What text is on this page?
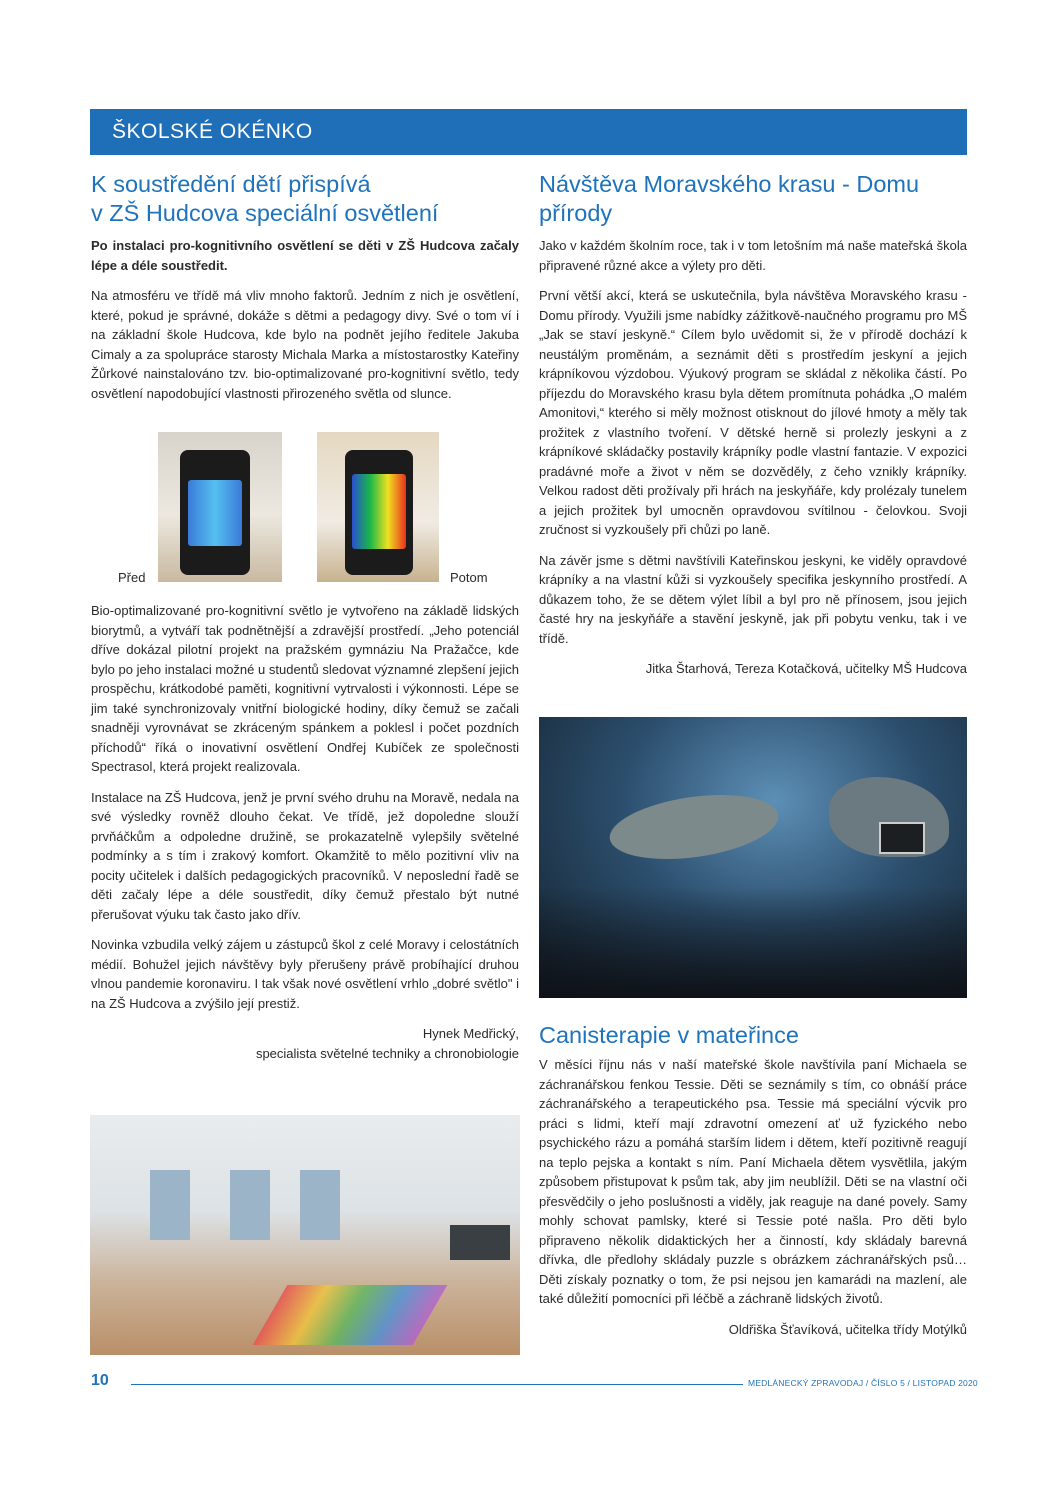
ŠKOLSKÉ OKÉNKO
K soustředění dětí přispívá
v ZŠ Hudcova speciální osvětlení

Po instalaci pro-kognitivního osvětlení se děti v ZŠ Hudcova začaly lépe a déle soustředit.

Na atmosféru ve třídě má vliv mnoho faktorů. Jedním z nich je osvětlení, které, pokud je správné, dokáže s dětmi a pedagogy divy. Své o tom ví i na základní škole Hudcova, kde bylo na podnět jejího ředitele Jakuba Cimaly a za spolupráce starosty Michala Marka a místostarostky Kateřiny Žůrkové nainstalováno tzv. bio-optimalizované pro-kognitivní světlo, tedy osvětlení napodobující vlastnosti přirozeného světla od slunce.

Před	Potom

Bio-optimalizované pro-kognitivní světlo je vytvořeno na základě lidských biorytmů, a vytváří tak podnětnější a zdravější prostředí. „Jeho potenciál dříve dokázal pilotní projekt na pražském gymnáziu Na Pražačce, kde bylo po jeho instalaci možné u studentů sledovat významné zlepšení jejich prospěchu, krátkodobé paměti, kognitivní vytrvalosti i výkonnosti. Lépe se jim také synchronizovaly vnitřní biologické hodiny, díky čemuž se začali snadněji vyrovnávat se zkráceným spánkem a poklesl i počet pozdních příchodů“ říká o inovativní osvětlení Ondřej Kubíček ze společnosti Spectrasol, která projekt realizovala.

Instalace na ZŠ Hudcova, jenž je první svého druhu na Moravě, nedala na své výsledky rovněž dlouho čekat. Ve třídě, jež dopoledne slouží prvňáčkům a odpoledne družině, se prokazatelně vylepšily světelné podmínky a s tím i zrakový komfort. Okamžitě to mělo pozitivní vliv na pocity učitelek i dalších pedagogických pracovníků. V neposlední řadě se děti začaly lépe a déle soustředit, díky čemuž přestalo být nutné přerušovat výuku tak často jako dřív.

Novinka vzbudila velký zájem u zástupců škol z celé Moravy i celostátních médií. Bohužel jejich návštěvy byly přerušeny právě probíhající druhou vlnou pandemie koronaviru. I tak však nové osvětlení vrhlo „dobré světlo" i na ZŠ Hudcova a zvýšilo její prestiž.

Hynek Medřický,

specialista světelné techniky a chronobiologie

Návštěva Moravského krasu - Domu přírody

Jako v každém školním roce, tak i v tom letošním má naše mateřská škola připravené různé akce a výlety pro děti.

První větší akcí, která se uskutečnila, byla návštěva Moravského krasu - Domu přírody. Využili jsme nabídky zážitkově-naučného programu pro MŠ „Jak se staví jeskyně.“ Cílem bylo uvědomit si, že v přírodě dochází k neustálým proměnám, a seznámit děti s prostředím jeskyní a jejich krápníkovou výzdobou. Výukový program se skládal z několika částí. Po příjezdu do Moravského krasu byla dětem promítnuta pohádka „O malém Amonitovi,“ kterého si měly možnost otisknout do jílové hmoty a měly tak prožitek z vlastního tvoření. V dětské herně si prolezly jeskyni a z krápníkové skládačky postavily krápníky podle vlastní fantazie. V expozici pradávné moře a život v něm se dozvěděly, z čeho vznikly krápníky. Velkou radost děti prožívaly při hrách na jeskyňáře, kdy prolézaly tunelem a jejich prožitek byl umocněn opravdovou svítilnou - čelovkou. Svoji zručnost si vyzkoušely při chůzi po laně.

Na závěr jsme s dětmi navštívili Kateřinskou jeskyni, ke viděly opravdové krápníky a na vlastní kůži si vyzkoušely specifika jeskynního prostředí. A důkazem toho, že se dětem výlet líbil a byl pro ně přínosem, jsou jejich časté hry na jeskyňáře a stavění jeskyně, jak při pobytu venku, tak i ve třídě.

Jitka Štarhová, Tereza Kotačková, učitelky MŠ Hudcova

Canisterapie v mateřince

V měsíci říjnu nás v naší mateřské škole navštívila paní Michaela se záchranářskou fenkou Tessie. Děti se seznámily s tím, co obnáší práce záchranářského a terapeutického psa. Tessie má speciální výcvik pro práci s lidmi, kteří mají zdravotní omezení ať už fyzického nebo psychického rázu a pomáhá starším lidem i dětem, kteří pozitivně reagují na teplo pejska a kontakt s ním. Paní Michaela dětem vysvětlila, jakým způsobem přistupovat k psům tak, aby jim neublížil. Děti se na vlastní oči přesvědčily o jeho poslušnosti a viděly, jak reaguje na dané povely. Samy mohly schovat pamlsky, které si Tessie poté našla. Pro děti bylo připraveno několik didaktických her a činností, kdy skládaly barevná dřívka, dle předlohy skládaly puzzle s obrázkem záchranářských psů… Děti získaly poznatky o tom, že psi nejsou jen kamarádi na mazlení, ale také důležití pomocníci při léčbě a záchraně lidských životů.

Oldřiška Šťavíková, učitelka třídy Motýlků

10	MEDLÁNECKÝ ZPRAVODAJ / ČÍSLO 5 / LISTOPAD 2020
